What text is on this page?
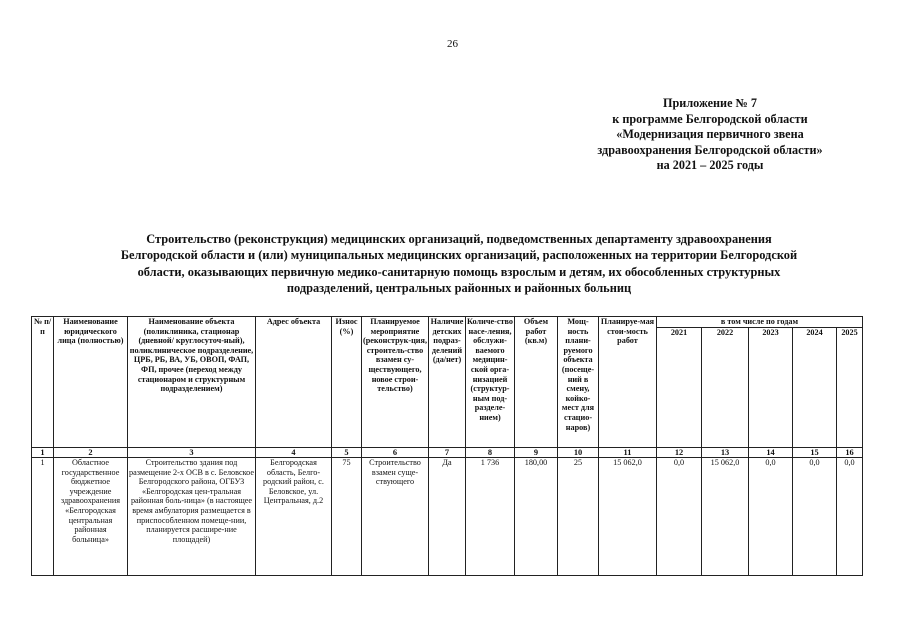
26
Приложение № 7
к программе Белгородской области
«Модернизация первичного звена
здравоохранения Белгородской области»
на 2021 – 2025 годы
Строительство (реконструкция) медицинских организаций, подведомственных департаменту здравоохранения
Белгородской области и (или) муниципальных медицинских организаций, расположенных на территории Белгородской
области, оказывающих первичную медико-санитарную помощь взрослым и детям, их обособленных структурных
подразделений, центральных районных и районных больниц
№ п/п	Наименование юридического лица (полностью)	Наименование объекта (поликлиника, стационар (дневной/ круглосуточ-ный), поликлиническое подразделение, ЦРБ, РБ, ВА, УБ, ОВОП, ФАП, ФП, прочее (переход между стационаром и структурным подразделением)	Адрес объекта	Износ (%)	Планируемое мероприятие (реконструк-ция, строитель-ство взамен су-ществующего, новое строи-тельство)	Наличие детских подраз-делений (да/нет)	Количе-ство насе-ления, обслужи-ваемого медицин-ской орга-низацией (структур-ным под-разделе-нием)	Объем работ (кв.м)	Мощ-ность плани-руемого объекта (посеще-ний в смену, койко-мест для стацио-наров)	Планируе-мая стои-мость работ	в том числе по годам				
											2021	2022	2023	2024	2025
1	2	3	4	5	6	7	8	9	10	11	12	13	14	15	16
1	Областное государственное бюджетное учреждение здравоохранения «Белгородская центральная районная больница»	Строительство здания под размещение 2-х ОСВ в с. Беловское Белгородского района, ОГБУЗ «Белгородская цен-тральная районная боль-ница» (в настоящее время амбулатория размещается в приспособленном помеще-нии, планируется расшире-ние площадей)	Белгородская область, Белго-родский район, с. Беловское, ул. Центральная, д.2	75	Строительство взамен суще-ствующего	Да	1 736	180,00	25	15 062,0	0,0	15 062,0	0,0	0,0	0,0
